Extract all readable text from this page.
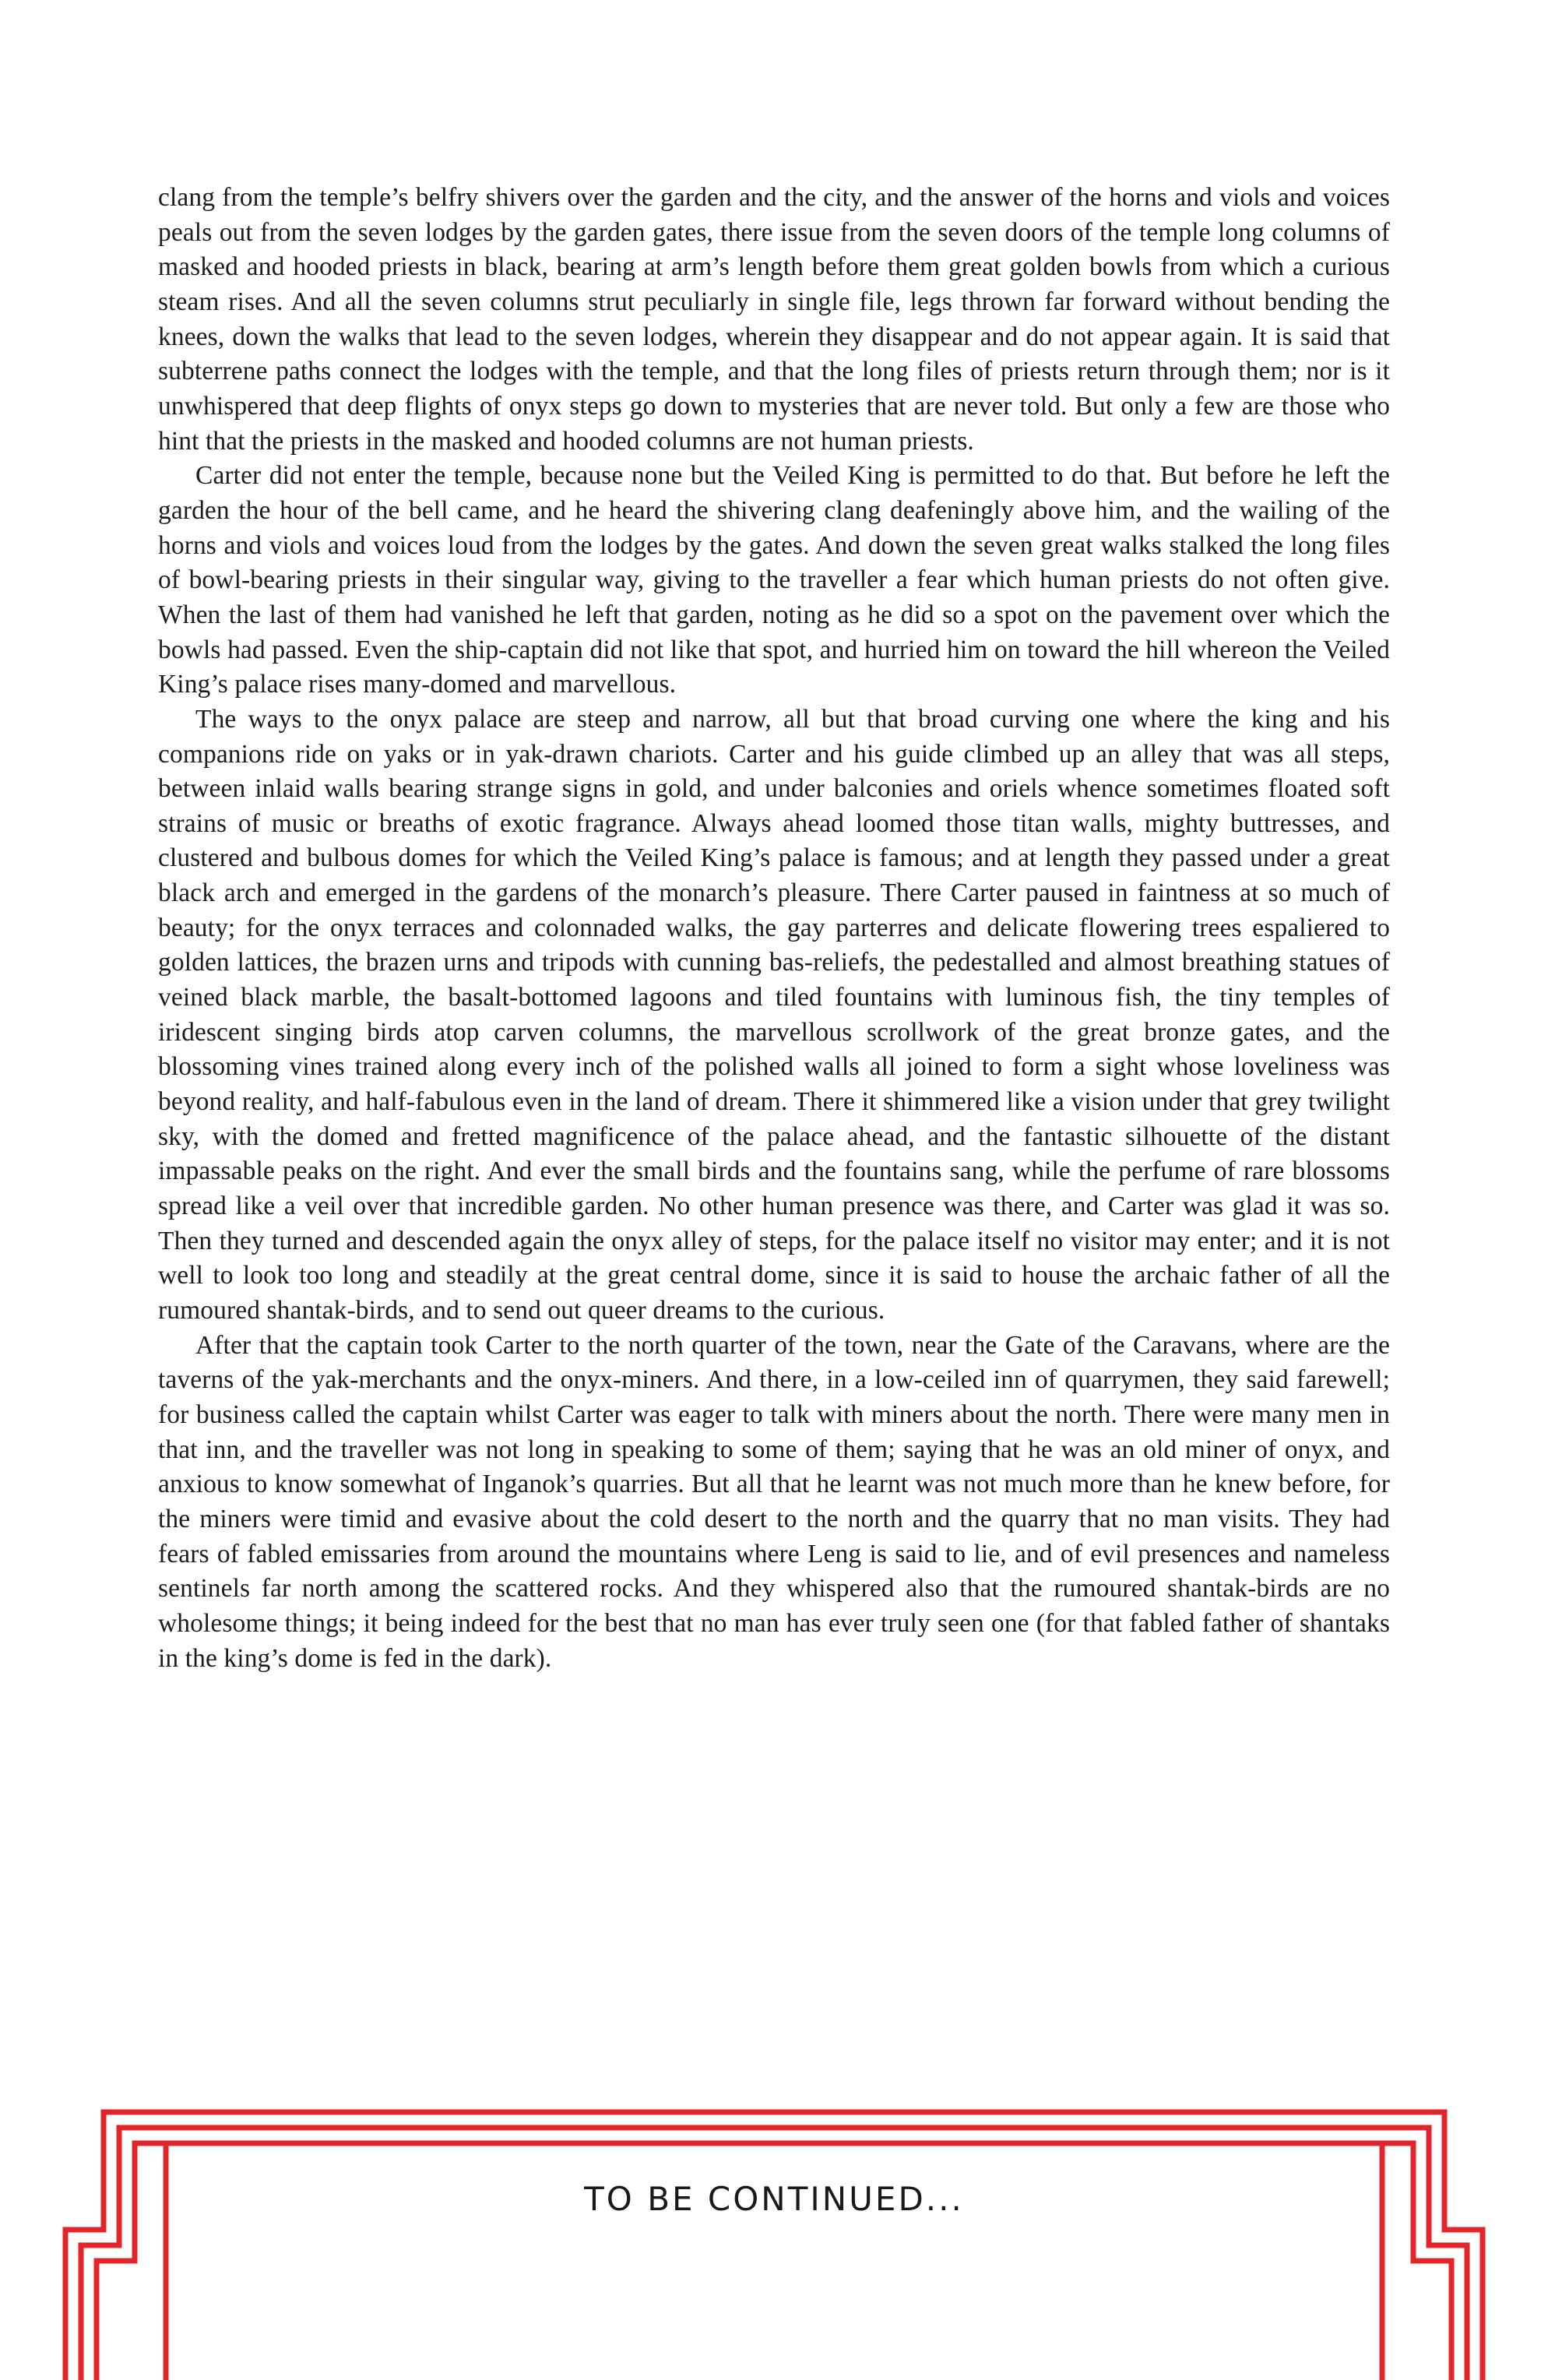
clang from the temple’s belfry shivers over the garden and the city, and the answer of the horns and viols and voices peals out from the seven lodges by the garden gates, there issue from the seven doors of the temple long columns of masked and hooded priests in black, bearing at arm’s length before them great golden bowls from which a curious steam rises. And all the seven columns strut peculiarly in single file, legs thrown far forward without bending the knees, down the walks that lead to the seven lodges, wherein they disappear and do not appear again. It is said that subterrene paths connect the lodges with the temple, and that the long files of priests return through them; nor is it unwhispered that deep flights of onyx steps go down to mysteries that are never told. But only a few are those who hint that the priests in the masked and hooded columns are not human priests.

Carter did not enter the temple, because none but the Veiled King is permitted to do that. But before he left the garden the hour of the bell came, and he heard the shivering clang deafeningly above him, and the wailing of the horns and viols and voices loud from the lodges by the gates. And down the seven great walks stalked the long files of bowl-bearing priests in their singular way, giving to the traveller a fear which human priests do not often give. When the last of them had vanished he left that garden, noting as he did so a spot on the pavement over which the bowls had passed. Even the ship-captain did not like that spot, and hurried him on toward the hill whereon the Veiled King’s palace rises many-domed and marvellous.

The ways to the onyx palace are steep and narrow, all but that broad curving one where the king and his companions ride on yaks or in yak-drawn chariots. Carter and his guide climbed up an alley that was all steps, between inlaid walls bearing strange signs in gold, and under balconies and oriels whence sometimes floated soft strains of music or breaths of exotic fragrance. Always ahead loomed those titan walls, mighty buttresses, and clustered and bulbous domes for which the Veiled King’s palace is famous; and at length they passed under a great black arch and emerged in the gardens of the monarch’s pleasure. There Carter paused in faintness at so much of beauty; for the onyx terraces and colonnaded walks, the gay parterres and delicate flowering trees espaliered to golden lattices, the brazen urns and tripods with cunning bas-reliefs, the pedestalled and almost breathing statues of veined black marble, the basalt-bottomed lagoons and tiled fountains with luminous fish, the tiny temples of iridescent singing birds atop carven columns, the marvellous scrollwork of the great bronze gates, and the blossoming vines trained along every inch of the polished walls all joined to form a sight whose loveliness was beyond reality, and half-fabulous even in the land of dream. There it shimmered like a vision under that grey twilight sky, with the domed and fretted magnificence of the palace ahead, and the fantastic silhouette of the distant impassable peaks on the right. And ever the small birds and the fountains sang, while the perfume of rare blossoms spread like a veil over that incredible garden. No other human presence was there, and Carter was glad it was so. Then they turned and descended again the onyx alley of steps, for the palace itself no visitor may enter; and it is not well to look too long and steadily at the great central dome, since it is said to house the archaic father of all the rumoured shantak-birds, and to send out queer dreams to the curious.

After that the captain took Carter to the north quarter of the town, near the Gate of the Caravans, where are the taverns of the yak-merchants and the onyx-miners. And there, in a low-ceiled inn of quarrymen, they said farewell; for business called the captain whilst Carter was eager to talk with miners about the north. There were many men in that inn, and the traveller was not long in speaking to some of them; saying that he was an old miner of onyx, and anxious to know somewhat of Inganok’s quarries. But all that he learnt was not much more than he knew before, for the miners were timid and evasive about the cold desert to the north and the quarry that no man visits. They had fears of fabled emissaries from around the mountains where Leng is said to lie, and of evil presences and nameless sentinels far north among the scattered rocks. And they whispered also that the rumoured shantak-birds are no wholesome things; it being indeed for the best that no man has ever truly seen one (for that fabled father of shantaks in the king’s dome is fed in the dark).

TO BE CONTINUED...
